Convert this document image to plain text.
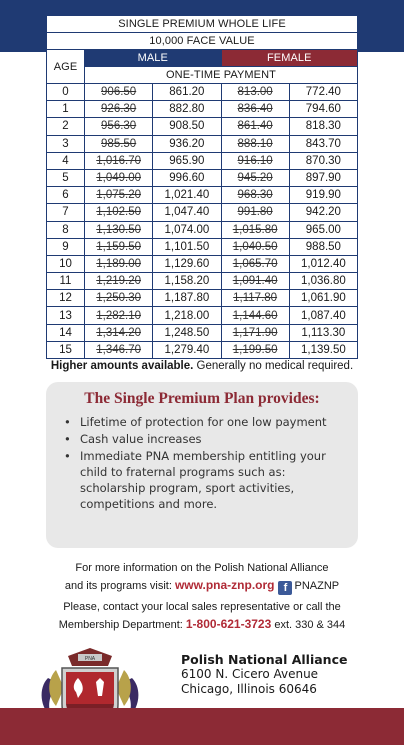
SINGLE PREMIUM WHOLE LIFE				
10,000 FACE VALUE				
AGE	MALE		FEMALE	
	ONE-TIME PAYMENT			
0	906.50	861.20	813.00	772.40
1	926.30	882.80	836.40	794.60
2	956.30	908.50	861.40	818.30
3	985.50	936.20	888.10	843.70
4	1,016.70	965.90	916.10	870.30
5	1,049.00	996.60	945.20	897.90
6	1,075.20	1,021.40	968.30	919.90
7	1,102.50	1,047.40	991.80	942.20
8	1,130.50	1,074.00	1,015.80	965.00
9	1,159.50	1,101.50	1,040.50	988.50
10	1,189.00	1,129.60	1,065.70	1,012.40
11	1,219.20	1,158.20	1,091.40	1,036.80
12	1,250.30	1,187.80	1,117.80	1,061.90
13	1,282.10	1,218.00	1,144.60	1,087.40
14	1,314.20	1,248.50	1,171.90	1,113.30
15	1,346.70	1,279.40	1,199.50	1,139.50
Higher amounts available. Generally no medical required.
The Single Premium Plan provides:
• Lifetime of protection for one low payment
• Cash value increases
• Immediate PNA membership entitling your child to fraternal programs such as: scholarship program, sport activities, competitions and more.
For more information on the Polish National Alliance
and its programs visit: www.pna-znp.org f PNAZNP
Please, contact your local sales representative or call the
Membership Department: 1-800-621-3723 ext. 330 & 344
PNA	Polish National Alliance
6100 N. Cicero Avenue
Chicago, Illinois 60646
